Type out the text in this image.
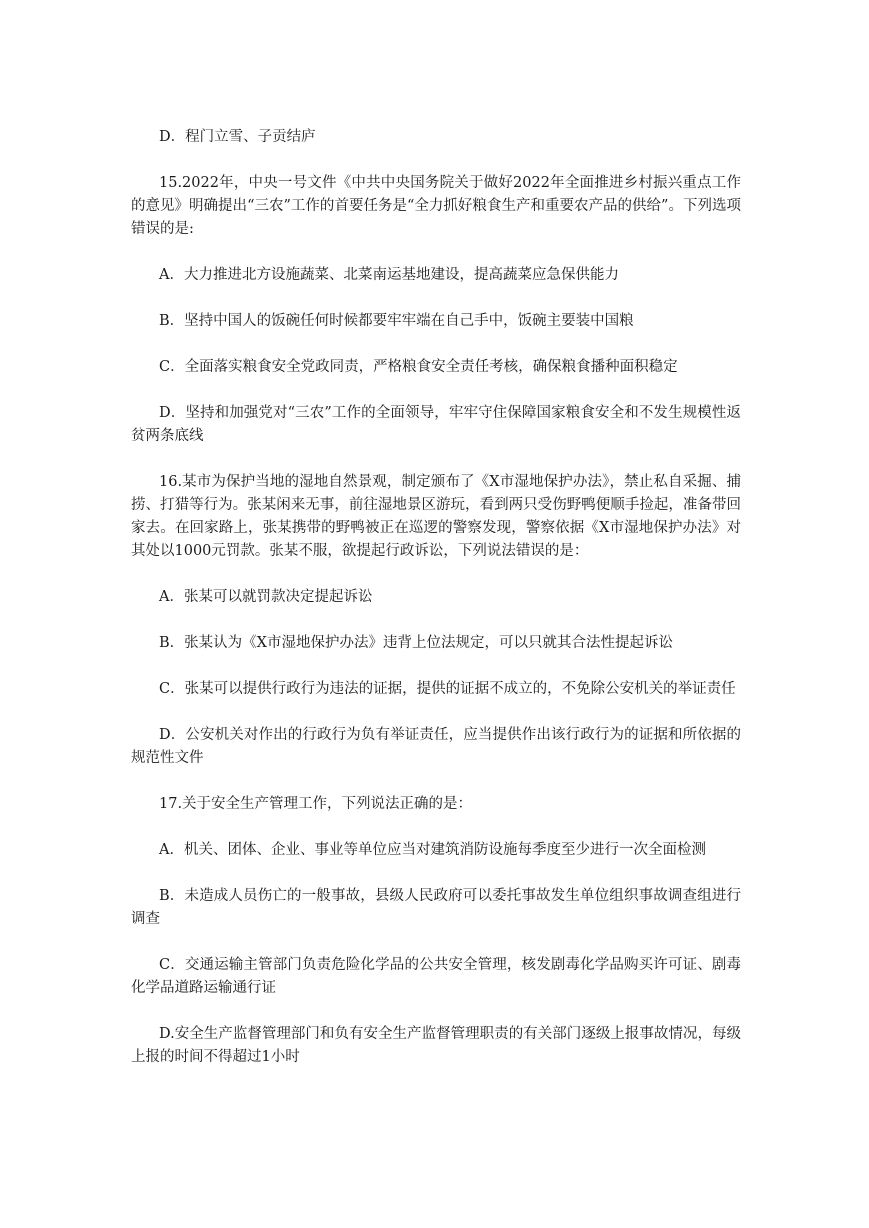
D．程门立雪、子贡结庐

15.2022年，中央一号文件《中共中央国务院关于做好2022年全面推进乡村振兴重点工作的意见》明确提出“三农”工作的首要任务是“全力抓好粮食生产和重要农产品的供给”。下列选项错误的是:

A．大力推进北方设施蔬菜、北菜南运基地建设，提高蔬菜应急保供能力

B．坚持中国人的饭碗任何时候都要牢牢端在自己手中，饭碗主要装中国粮

C．全面落实粮食安全党政同责，严格粮食安全责任考核，确保粮食播种面积稳定

D．坚持和加强党对“三农”工作的全面领导，牢牢守住保障国家粮食安全和不发生规模性返贫两条底线

16.某市为保护当地的湿地自然景观，制定颁布了《X市湿地保护办法》，禁止私自采掘、捕捞、打猎等行为。张某闲来无事，前往湿地景区游玩，看到两只受伤野鸭便顺手捡起，准备带回家去。在回家路上，张某携带的野鸭被正在巡逻的警察发现，警察依据《X市湿地保护办法》对其处以1000元罚款。张某不服，欲提起行政诉讼，下列说法错误的是：

A．张某可以就罚款决定提起诉讼

B．张某认为《X市湿地保护办法》违背上位法规定，可以只就其合法性提起诉讼

C．张某可以提供行政行为违法的证据，提供的证据不成立的，不免除公安机关的举证责任

D．公安机关对作出的行政行为负有举证责任，应当提供作出该行政行为的证据和所依据的规范性文件

17.关于安全生产管理工作，下列说法正确的是：

A．机关、团体、企业、事业等单位应当对建筑消防设施每季度至少进行一次全面检测

B．未造成人员伤亡的一般事故，县级人民政府可以委托事故发生单位组织事故调查组进行调查

C．交通运输主管部门负责危险化学品的公共安全管理，核发剧毒化学品购买许可证、剧毒化学品道路运输通行证

D.安全生产监督管理部门和负有安全生产监督管理职责的有关部门逐级上报事故情况，每级上报的时间不得超过1小时
